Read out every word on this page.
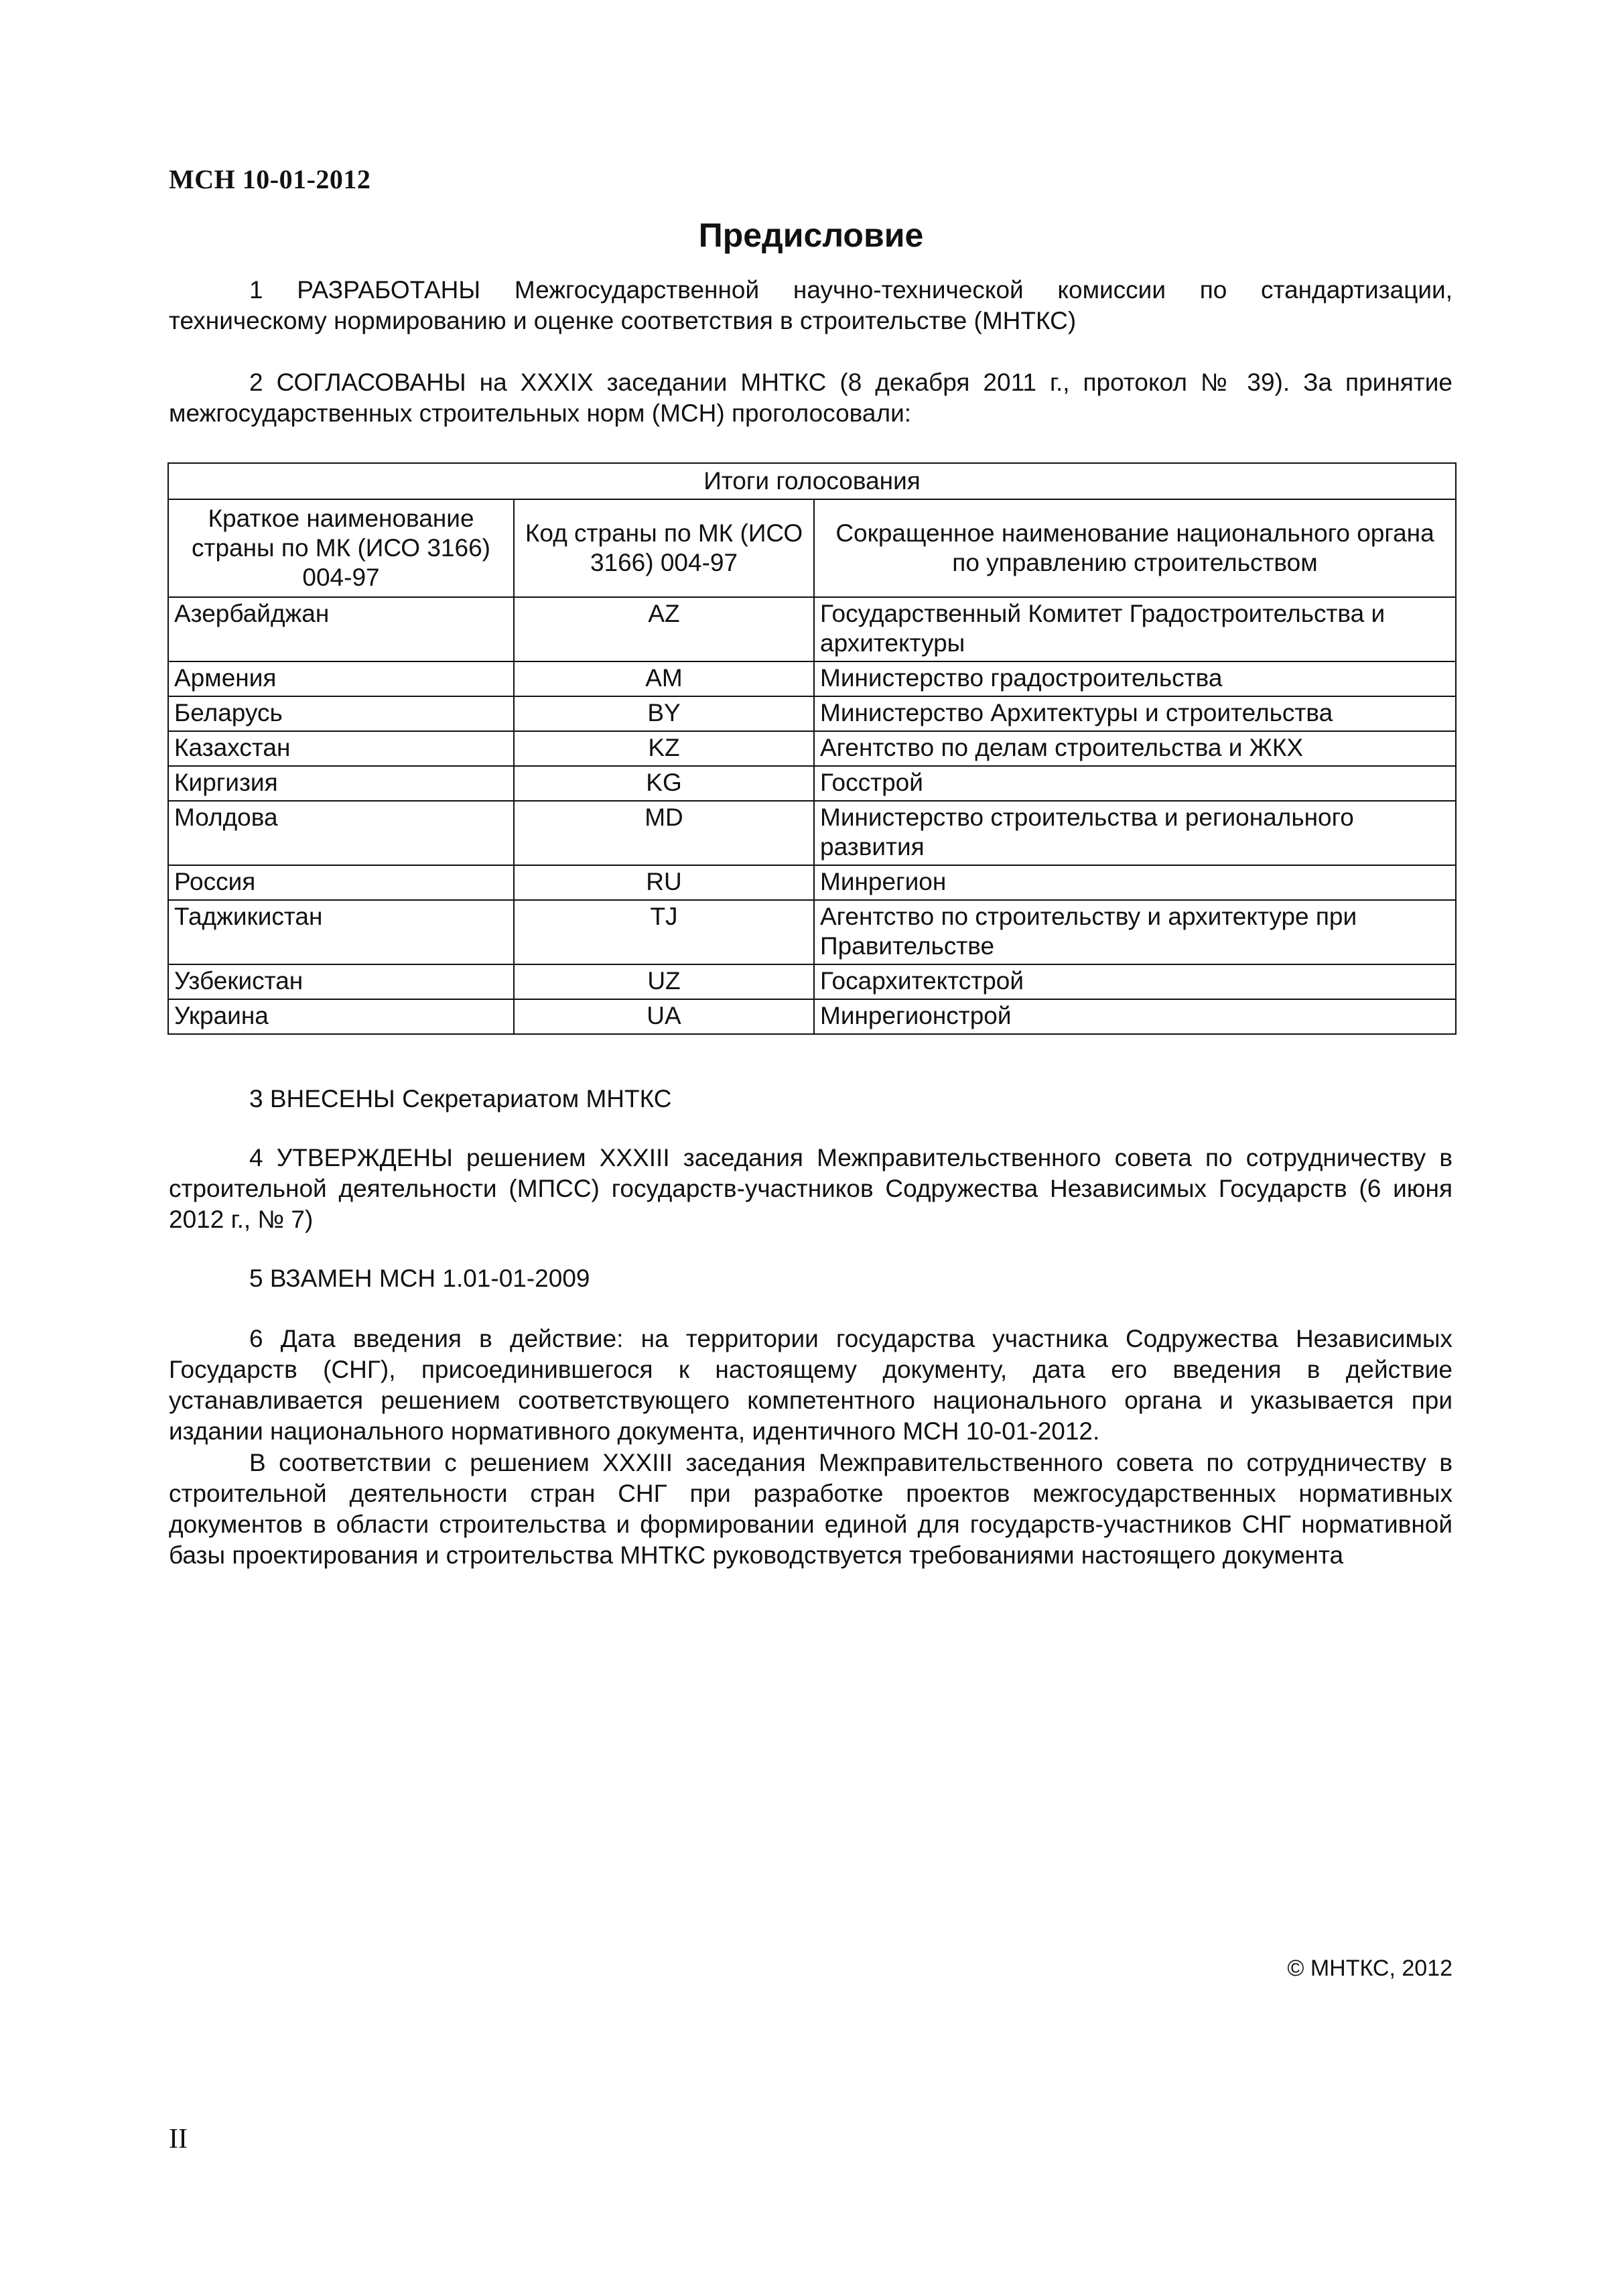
МСН 10-01-2012
Предисловие

1 РАЗРАБОТАНЫ Межгосударственной научно-технической комиссии по стандартизации, техническому нормированию и оценке соответствия в строительстве (МНТКС)

2 СОГЛАСОВАНЫ на XXXIX заседании МНТКС (8 декабря 2011 г., протокол № 39). За принятие межгосударственных строительных норм (МСН) проголосовали:

Итоги голосования		
Краткое наименование страны по МК (ИСО 3166) 004-97	Код страны по МК (ИСО 3166) 004-97	Сокращенное наименование национального органа по управлению строительством
Азербайджан	AZ	Государственный Комитет Градостроительства и архитектуры
Армения	AM	Министерство градостроительства
Беларусь	BY	Министерство Архитектуры и строительства
Казахстан	KZ	Агентство по делам строительства и ЖКХ
Киргизия	KG	Госстрой
Молдова	MD	Министерство строительства и регионального развития
Россия	RU	Минрегион
Таджикистан	TJ	Агентство по строительству и архитектуре при Правительстве
Узбекистан	UZ	Госархитектстрой
Украина	UA	Минрегионстрой

3 ВНЕСЕНЫ Секретариатом МНТКС

4 УТВЕРЖДЕНЫ решением XXXIII заседания Межправительственного совета по сотрудничеству в строительной деятельности (МПСС) государств-участников Содружества Независимых Государств (6 июня 2012 г., № 7)

5 ВЗАМЕН МСН 1.01-01-2009

6 Дата введения в действие: на территории государства участника Содружества Независимых Государств (СНГ), присоединившегося к настоящему документу, дата его введения в действие устанавливается решением соответствующего компетентного национального органа и указывается при издании национального нормативного документа, идентичного МСН 10-01-2012.

В соответствии с решением XXXIII заседания Межправительственного совета по сотрудничеству в строительной деятельности стран СНГ при разработке проектов межгосударственных нормативных документов в области строительства и формировании единой для государств-участников СНГ нормативной базы проектирования и строительства МНТКС руководствуется требованиями настоящего документа

© МНТКС, 2012
II
